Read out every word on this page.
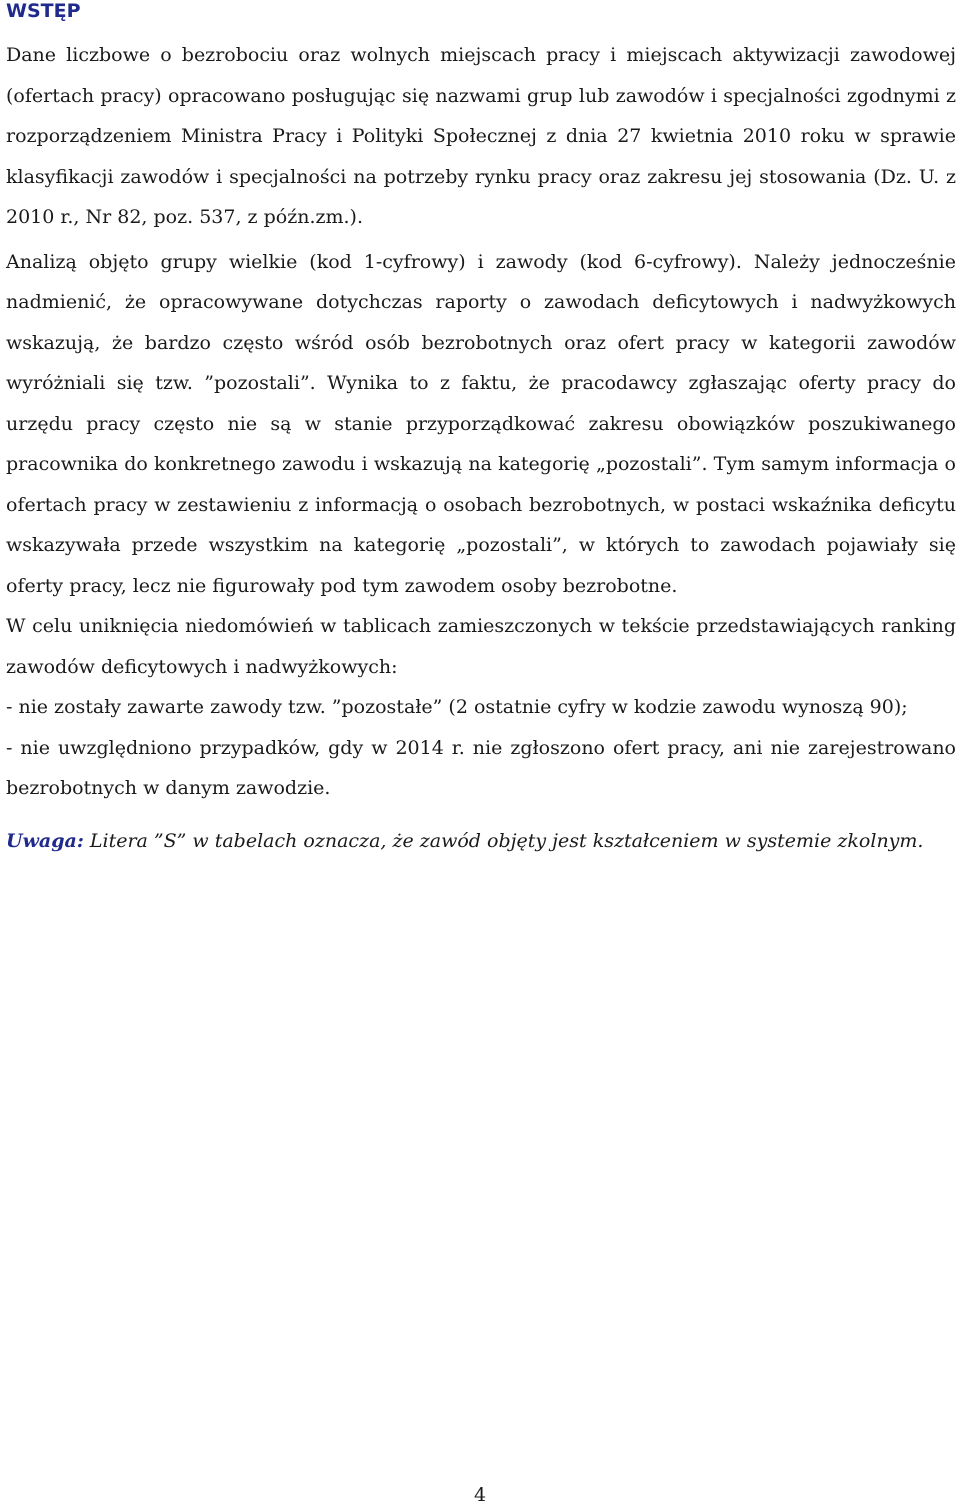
WSTĘP

Dane liczbowe o bezrobociu oraz wolnych miejscach pracy i miejscach aktywizacji zawodowej (ofertach pracy) opracowano posługując się nazwami grup lub zawodów i specjalności zgodnymi z rozporządzeniem Ministra Pracy i Polityki Społecznej z dnia 27 kwietnia 2010 roku w sprawie klasyfikacji zawodów i specjalności na potrzeby rynku pracy oraz zakresu jej stosowania (Dz. U. z 2010 r., Nr 82, poz. 537, z późn.zm.).

Analizą objęto grupy wielkie (kod 1-cyfrowy) i zawody (kod 6-cyfrowy). Należy jednocześnie nadmienić, że opracowywane dotychczas raporty o zawodach deficytowych i nadwyżkowych wskazują, że bardzo często wśród osób bezrobotnych oraz ofert pracy w kategorii zawodów wyróżniali się tzw. ”pozostali”. Wynika to z faktu, że pracodawcy zgłaszając oferty pracy do urzędu pracy często nie są w stanie przyporządkować zakresu obowiązków poszukiwanego pracownika do konkretnego zawodu i wskazują na kategorię „pozostali”. Tym samym informacja o ofertach pracy w zestawieniu z informacją o osobach bezrobotnych, w postaci wskaźnika deficytu wskazywała przede wszystkim na kategorię „pozostali”, w których to zawodach pojawiały się oferty pracy, lecz nie figurowały pod tym zawodem osoby bezrobotne.

W celu uniknięcia niedomówień w tablicach zamieszczonych w tekście przedstawiających ranking zawodów deficytowych i nadwyżkowych:

- nie zostały zawarte zawody tzw. ”pozostałe” (2 ostatnie cyfry w kodzie zawodu wynoszą 90);

- nie uwzględniono przypadków, gdy w 2014 r. nie zgłoszono ofert pracy, ani nie zarejestrowano bezrobotnych w danym zawodzie.

Uwaga: Litera ”S” w tabelach oznacza, że zawód objęty jest kształceniem w systemie zkolnym.

4
